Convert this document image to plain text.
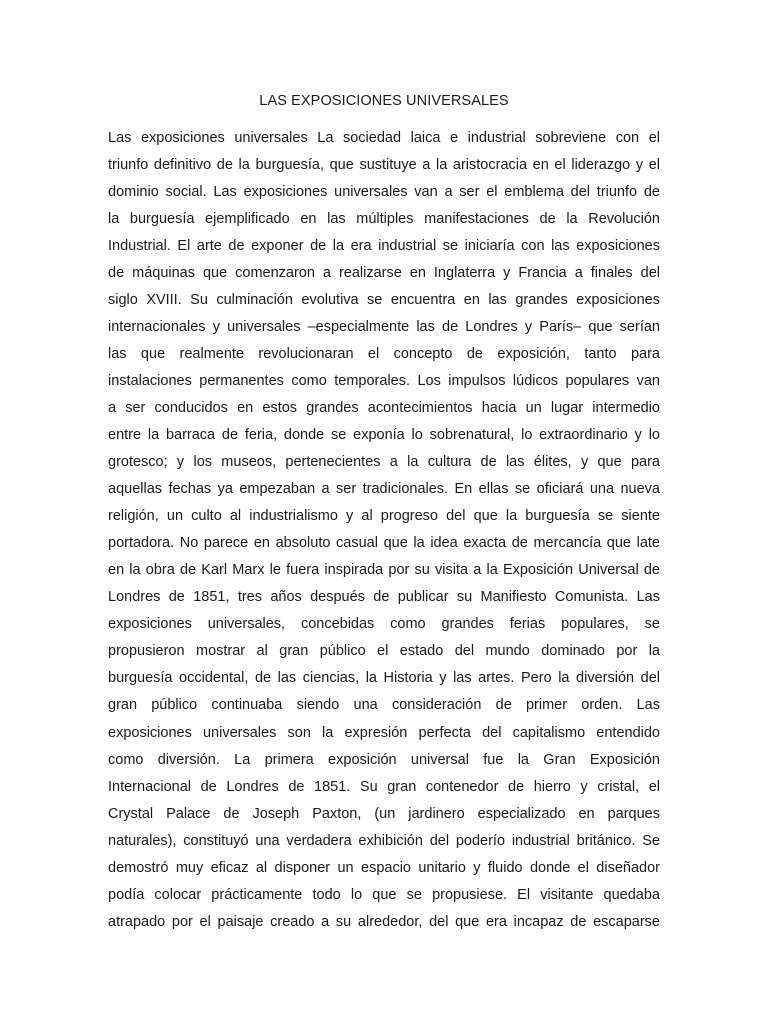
LAS EXPOSICIONES UNIVERSALES
Las exposiciones universales La sociedad laica e industrial sobreviene con el
triunfo definitivo de la burguesía, que sustituye a la aristocracia en el liderazgo y el
dominio social. Las exposiciones universales van a ser el emblema del triunfo de
la burguesía ejemplificado en las múltiples manifestaciones de la Revolución
Industrial. El arte de exponer de la era industrial se iniciaría con las exposiciones
de máquinas que comenzaron a realizarse en Inglaterra y Francia a finales del
siglo XVIII. Su culminación evolutiva se encuentra en las grandes exposiciones
internacionales y universales –especialmente las de Londres y París– que serían
las que realmente revolucionaran el concepto de exposición, tanto para
instalaciones permanentes como temporales. Los impulsos lúdicos populares van
a ser conducidos en estos grandes acontecimientos hacia un lugar intermedio
entre la barraca de feria, donde se exponía lo sobrenatural, lo extraordinario y lo
grotesco; y los museos, pertenecientes a la cultura de las élites, y que para
aquellas fechas ya empezaban a ser tradicionales. En ellas se oficiará una nueva
religión, un culto al industrialismo y al progreso del que la burguesía se siente
portadora. No parece en absoluto casual que la idea exacta de mercancía que late
en la obra de Karl Marx le fuera inspirada por su visita a la Exposición Universal de
Londres de 1851, tres años después de publicar su Manifiesto Comunista. Las
exposiciones universales, concebidas como grandes ferias populares, se
propusieron mostrar al gran público el estado del mundo dominado por la
burguesía occidental, de las ciencias, la Historia y las artes. Pero la diversión del
gran público continuaba siendo una consideración de primer orden. Las
exposiciones universales son la expresión perfecta del capitalismo entendido
como diversión. La primera exposición universal fue la Gran Exposición
Internacional de Londres de 1851. Su gran contenedor de hierro y cristal, el
Crystal Palace de Joseph Paxton, (un jardinero especializado en parques
naturales), constituyó una verdadera exhibición del poderío industrial británico. Se
demostró muy eficaz al disponer un espacio unitario y fluido donde el diseñador
podía colocar prácticamente todo lo que se propusiese. El visitante quedaba
atrapado por el paisaje creado a su alrededor, del que era incapaz de escaparse
